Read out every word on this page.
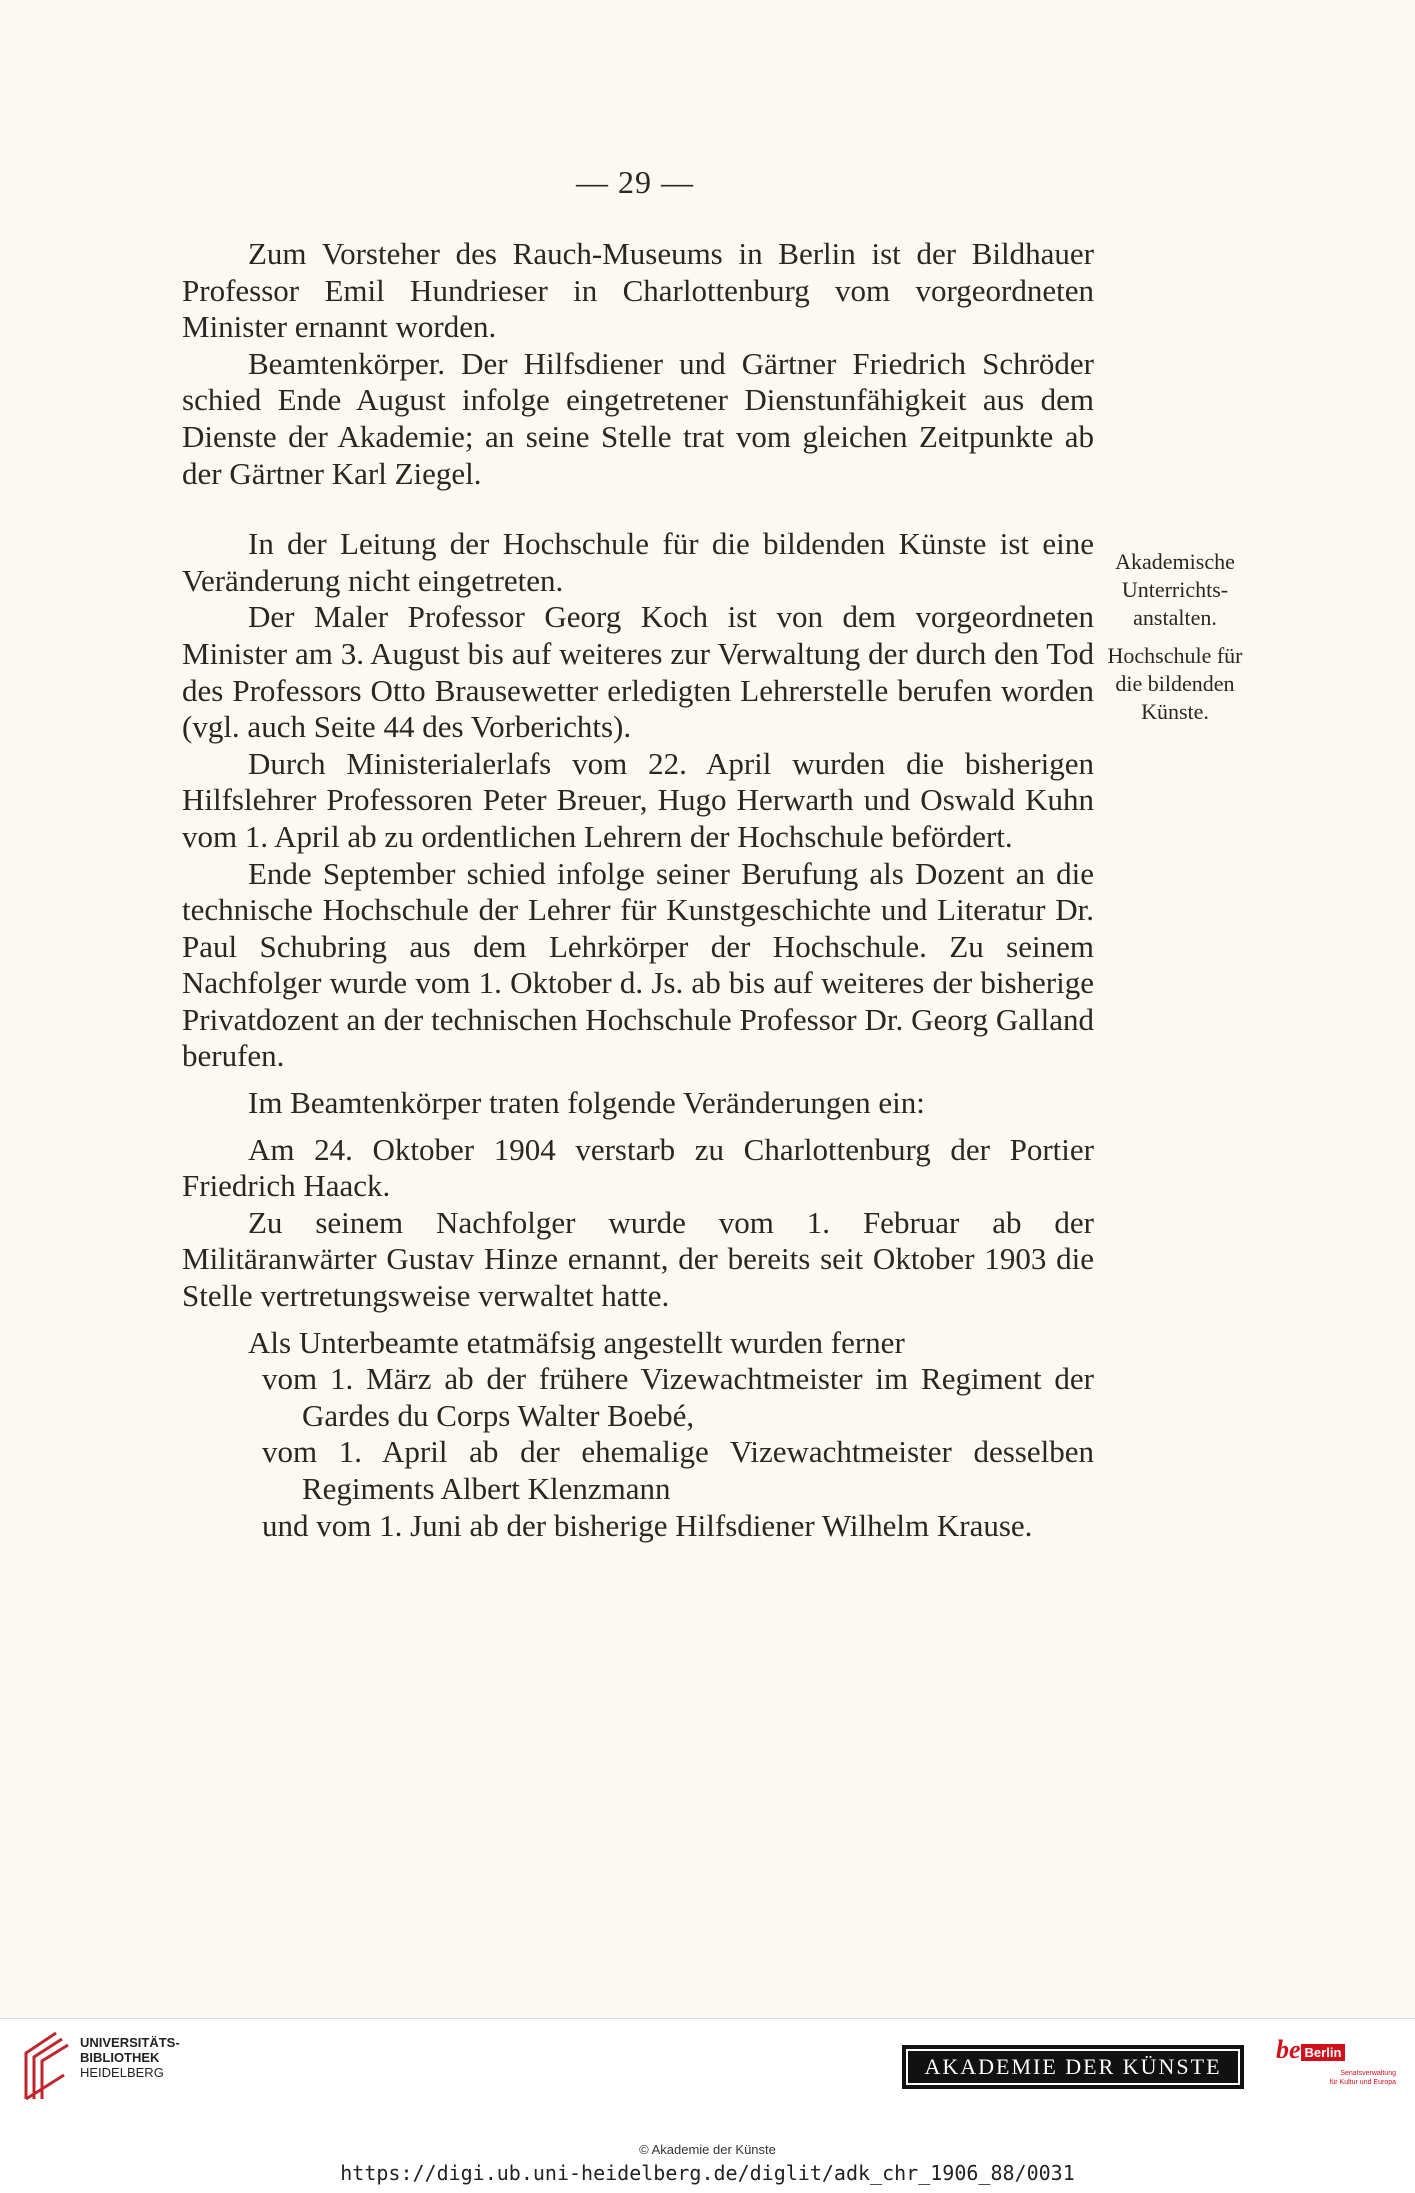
— 29 —

Zum Vorsteher des Rauch-Museums in Berlin ist der Bildhauer Professor Emil Hundrieser in Charlottenburg vom vorgeordneten Minister ernannt worden.

Beamtenkörper. Der Hilfsdiener und Gärtner Friedrich Schröder schied Ende August infolge eingetretener Dienstunfähigkeit aus dem Dienste der Akademie; an seine Stelle trat vom gleichen Zeitpunkte ab der Gärtner Karl Ziegel.

In der Leitung der Hochschule für die bildenden Künste ist eine Veränderung nicht eingetreten.

Der Maler Professor Georg Koch ist von dem vorgeordneten Minister am 3. August bis auf weiteres zur Verwaltung der durch den Tod des Professors Otto Brausewetter erledigten Lehrerstelle berufen worden (vgl. auch Seite 44 des Vorberichts).

Durch Ministerialerlafs vom 22. April wurden die bisherigen Hilfslehrer Professoren Peter Breuer, Hugo Herwarth und Oswald Kuhn vom 1. April ab zu ordentlichen Lehrern der Hochschule befördert.

Ende September schied infolge seiner Berufung als Dozent an die technische Hochschule der Lehrer für Kunstgeschichte und Literatur Dr. Paul Schubring aus dem Lehrkörper der Hochschule. Zu seinem Nachfolger wurde vom 1. Oktober d. Js. ab bis auf weiteres der bisherige Privatdozent an der technischen Hochschule Professor Dr. Georg Galland berufen.

Im Beamtenkörper traten folgende Veränderungen ein:

Am 24. Oktober 1904 verstarb zu Charlottenburg der Portier Friedrich Haack.

Zu seinem Nachfolger wurde vom 1. Februar ab der Militäranwärter Gustav Hinze ernannt, der bereits seit Oktober 1903 die Stelle vertretungsweise verwaltet hatte.

Als Unterbeamte etatmäfsig angestellt wurden ferner

vom 1. März ab der frühere Vizewachtmeister im Regiment der Gardes du Corps Walter Boebé,

vom 1. April ab der ehemalige Vizewachtmeister desselben Regiments Albert Klenzmann

und vom 1. Juni ab der bisherige Hilfsdiener Wilhelm Krause.

Akademische Unterrichts-anstalten.
Hochschule für die bildenden Künste.
UNIVERSITÄTS-
BIBLIOTHEK
HEIDELBERG	AKADEMIE DER KÜNSTE
be Berlin
Senatsverwaltung
für Kultur und Europa
© Akademie der Künste
https://digi.ub.uni-heidelberg.de/diglit/adk_chr_1906_88/0031
